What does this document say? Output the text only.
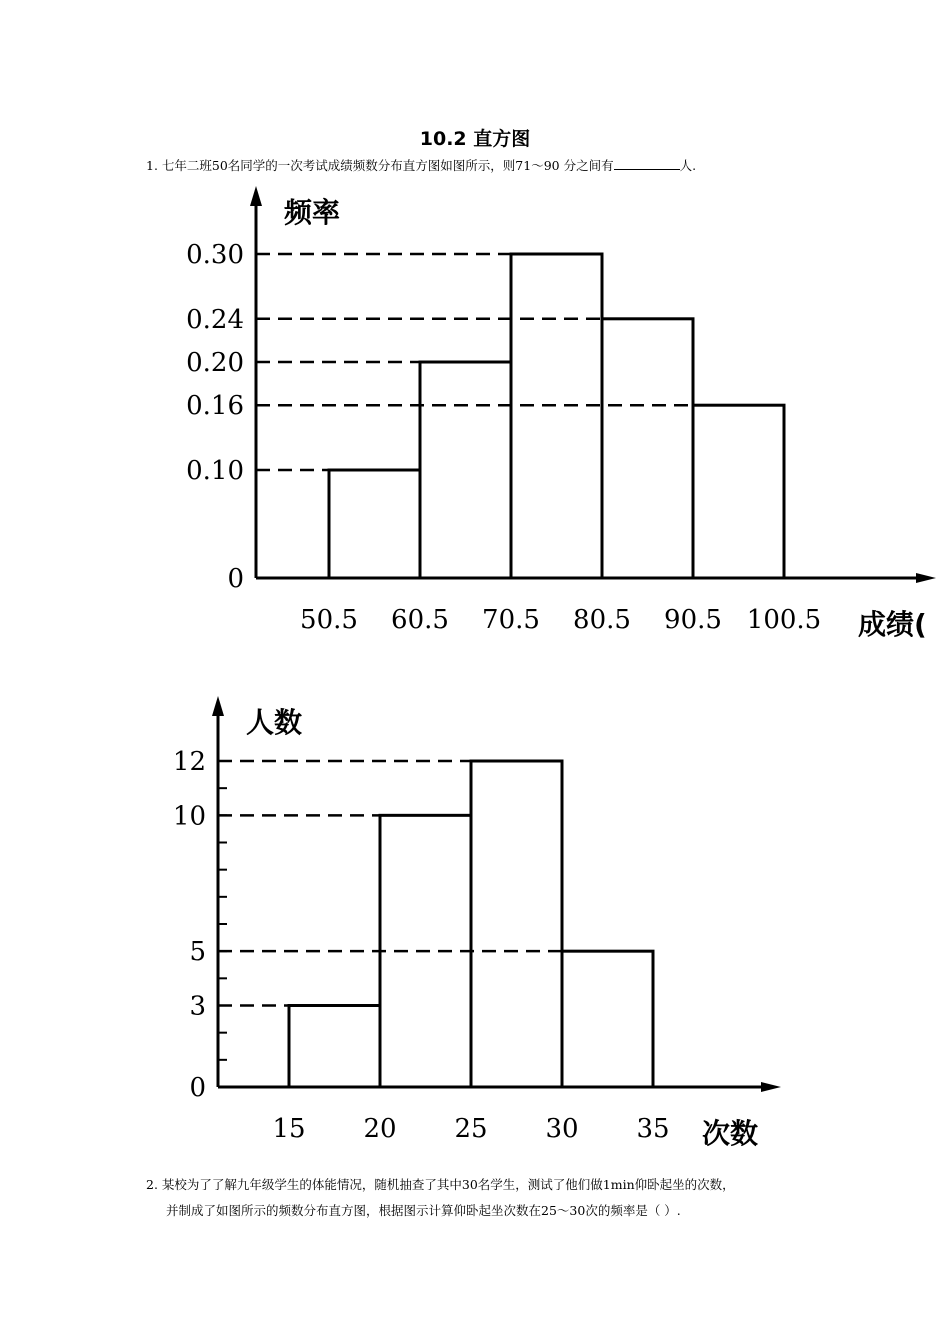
10.2 直方图
1. 七年二班50名同学的一次考试成绩频数分布直方图如图所示，则71～90 分之间有	人.
0.30
0.24
0.20
0.16
0.10
0
50.5 60.5 70.5 80.5 90.5 100.5
频率
成绩(
12
10
5
3
0
15 20 25 30 35
人数
次数
2. 某校为了了解九年级学生的体能情况，随机抽查了其中30名学生，测试了他们做1min仰卧起坐的次数，
并制成了如图所示的频数分布直方图，根据图示计算仰卧起坐次数在25～30次的频率是（ ）.
